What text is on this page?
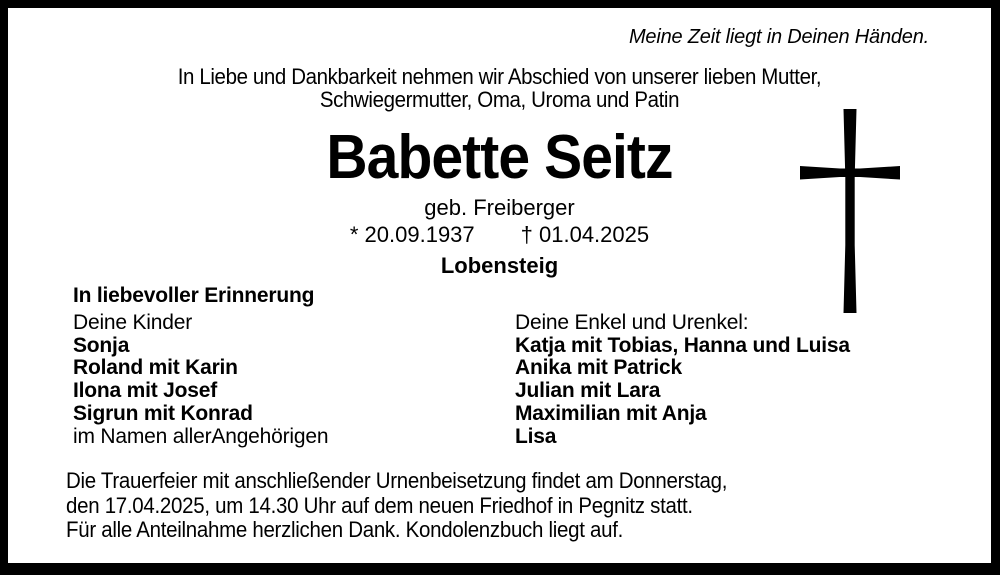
Meine Zeit liegt in Deinen Händen.
In Liebe und Dankbarkeit nehmen wir Abschied von unserer lieben Mutter,
Schwiegermutter, Oma, Uroma und Patin
Babette Seitz
geb. Freiberger
* 20.09.1937 † 01.04.2025
Lobensteig
In liebevoller Erinnerung
Deine Kinder
Sonja
Roland mit Karin
Ilona mit Josef
Sigrun mit Konrad
im Namen allerAngehörigen
Deine Enkel und Urenkel:
Katja mit Tobias, Hanna und Luisa
Anika mit Patrick
Julian mit Lara
Maximilian mit Anja
Lisa
Die Trauerfeier mit anschließender Urnenbeisetzung findet am Donnerstag,
den 17.04.2025, um 14.30 Uhr auf dem neuen Friedhof in Pegnitz statt.
Für alle Anteilnahme herzlichen Dank. Kondolenzbuch liegt auf.
